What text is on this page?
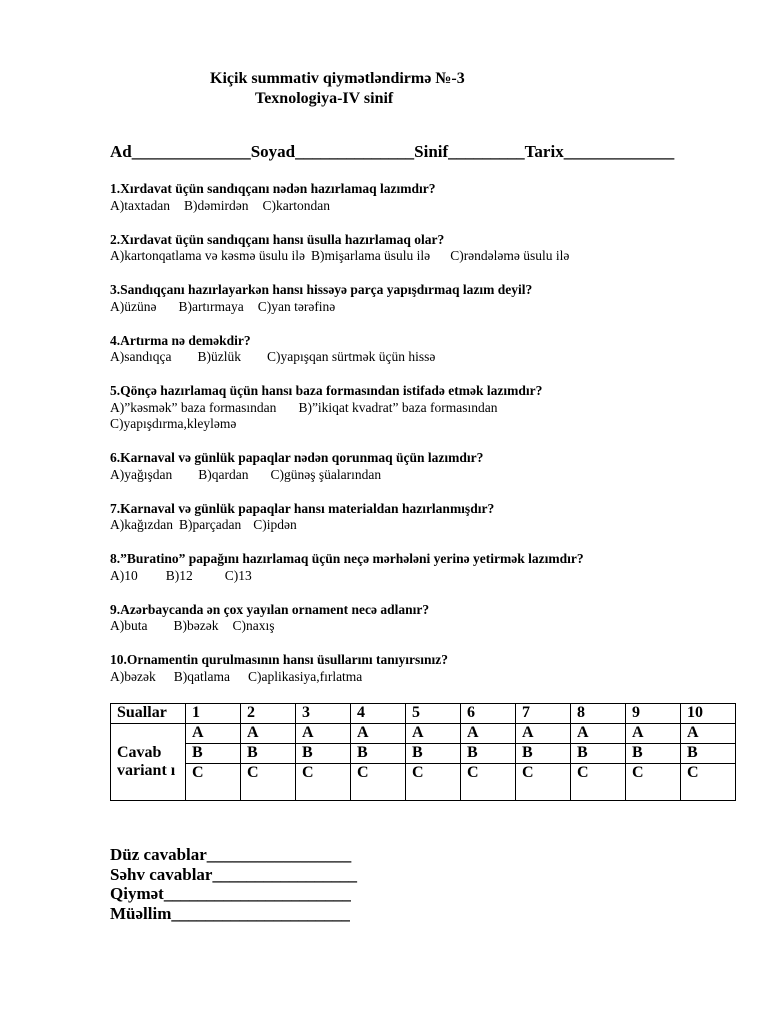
Kiçik summativ qiymətləndirmə №-3
Texnologiya-IV sinif
Ad______________Soyad______________Sinif_________Tarix_____________
1.Xırdavat üçün sandıqçanı nədən hazırlamaq lazımdır?
A)taxtadan B)dəmirdən C)kartondan
2.Xırdavat üçün sandıqçanı hansı üsulla hazırlamaq olar?
A)kartonqatlama və kəsmə üsulu ilə B)mişarlama üsulu ilə C)rəndələmə üsulu ilə
3.Sandıqçanı hazırlayarkən hansı hissəyə parça yapışdırmaq lazım deyil?
A)üzünə B)artırmaya C)yan tərəfinə
4.Artırma nə deməkdir?
A)sandıqça B)üzlük C)yapışqan sürtmək üçün hissə
5.Qönçə hazırlamaq üçün hansı baza formasından istifadə etmək lazımdır?
A)”kəsmək” baza formasından B)”ikiqat kvadrat” baza formasından
C)yapışdırma,kleyləmə
6.Karnaval və günlük papaqlar nədən qorunmaq üçün lazımdır?
A)yağışdan B)qardan C)günəş şüalarından
7.Karnaval və günlük papaqlar hansı materialdan hazırlanmışdır?
A)kağızdan B)parçadan C)ipdən
8.”Buratino” papağını hazırlamaq üçün neçə mərhələni yerinə yetirmək lazımdır?
A)10 B)12 C)13
9.Azərbaycanda ən çox yayılan ornament necə adlanır?
A)buta B)bəzək C)naxış
10.Ornamentin qurulmasının hansı üsullarını tanıyırsınız?
A)bəzək B)qatlama C)aplikasiya,fırlatma
Suallar	1	2	3	4	5	6	7	8	9	10
Cavab variant ı	A	A	A	A	A	A	A	A	A	A
	B	B	B	B	B	B	B	B	B	B
	C	C	C	C	C	C	C	C	C	C
Düz cavablar_________________
Səhv cavablar_________________
Qiymət______________________
Müəllim_____________________
